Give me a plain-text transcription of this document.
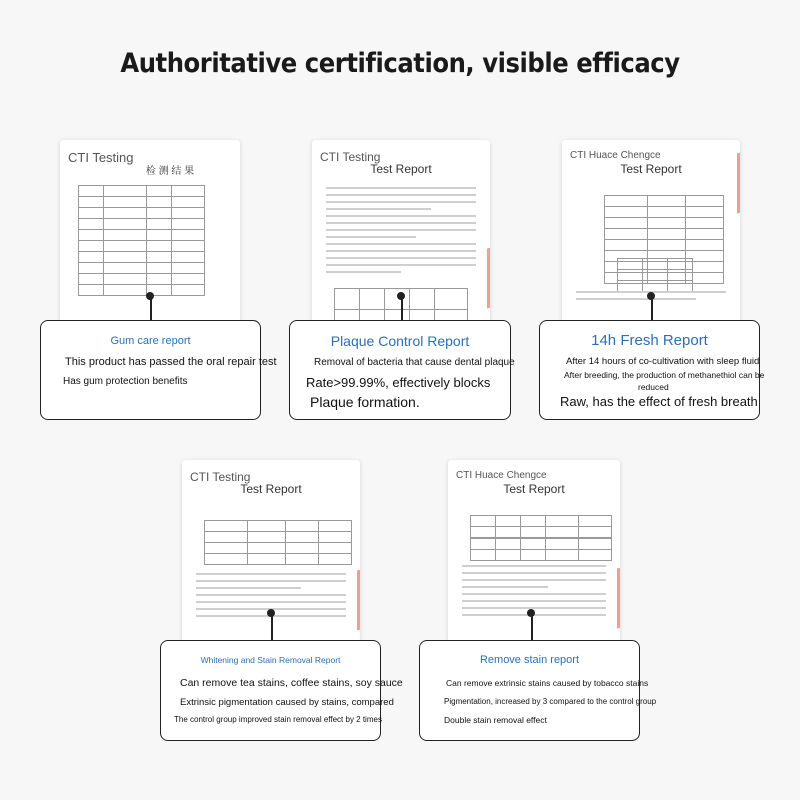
Authoritative certification, visible efficacy
CTI Testing
检 测 结 果

CTI Testing
Test Report

CTI Huace Chengce
Test Report

CTI Testing
Test Report

CTI Huace Chengce
Test Report

Gum care report
This product has passed the oral repair test
Has gum protection benefits
Plaque Control Report
Removal of bacteria that cause dental plaque
Rate>99.99%, effectively blocks
Plaque formation.
14h Fresh Report
After 14 hours of co-cultivation with sleep fluid
After breeding, the production of methanethiol can be
reduced
Raw, has the effect of fresh breath
Whitening and Stain Removal Report
Can remove tea stains, coffee stains, soy sauce
Extrinsic pigmentation caused by stains, compared
The control group improved stain removal effect by 2 times
Remove stain report
Can remove extrinsic stains caused by tobacco stains
Pigmentation, increased by 3 compared to the control group
Double stain removal effect
